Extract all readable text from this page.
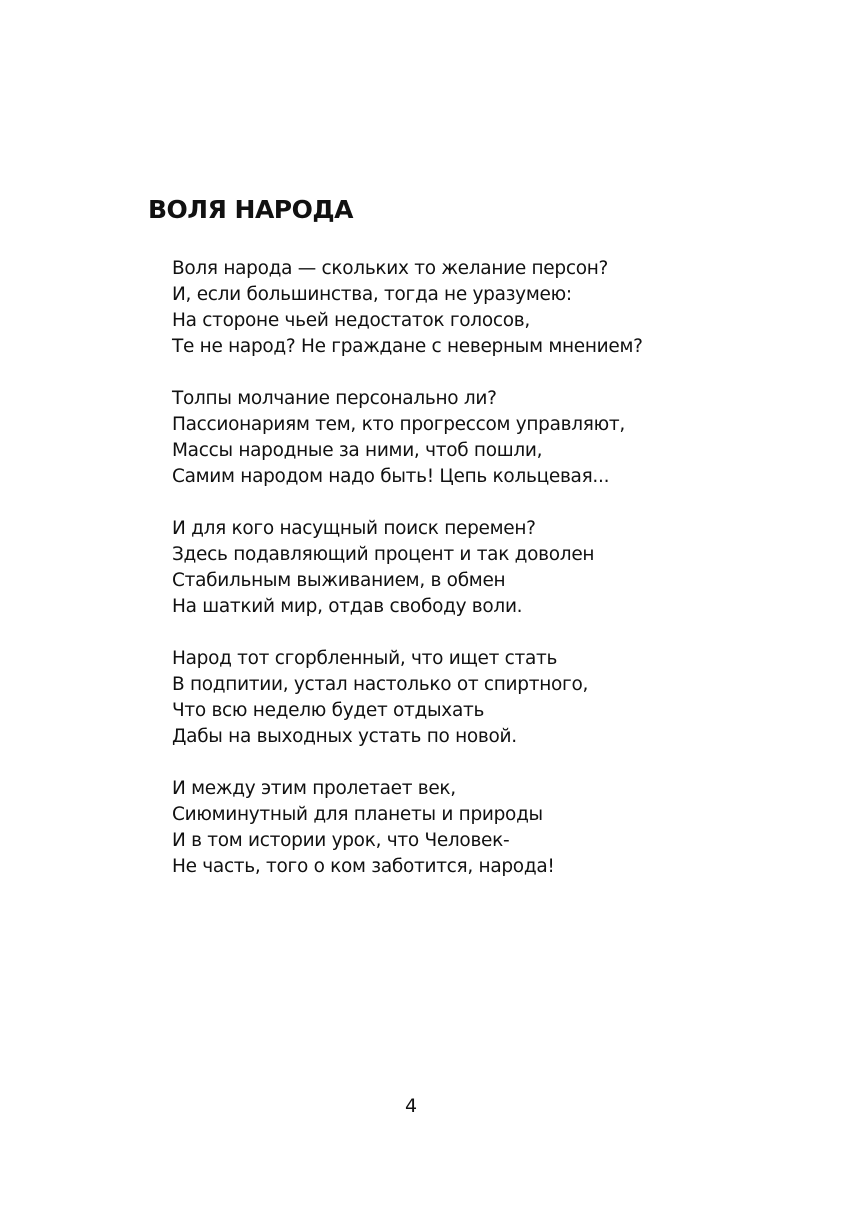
ВОЛЯ НАРОДА
Воля народа — скольких то желание персон?
И, если большинства, тогда не уразумею:
На стороне чьей недостаток голосов,
Те не народ? Не граждане с неверным мнением?
Толпы молчание персонально ли?
Пассионариям тем, кто прогрессом управляют,
Массы народные за ними, чтоб пошли,
Самим народом надо быть! Цепь кольцевая...
И для кого насущный поиск перемен?
Здесь подавляющий процент и так доволен
Стабильным выживанием, в обмен
На шаткий мир, отдав свободу воли.
Народ тот сгорбленный, что ищет стать
В подпитии, устал настолько от спиртного,
Что всю неделю будет отдыхать
Дабы на выходных устать по новой.
И между этим пролетает век,
Сиюминутный для планеты и природы
И в том истории урок, что Человек-
Не часть, того о ком заботится, народа!
4
